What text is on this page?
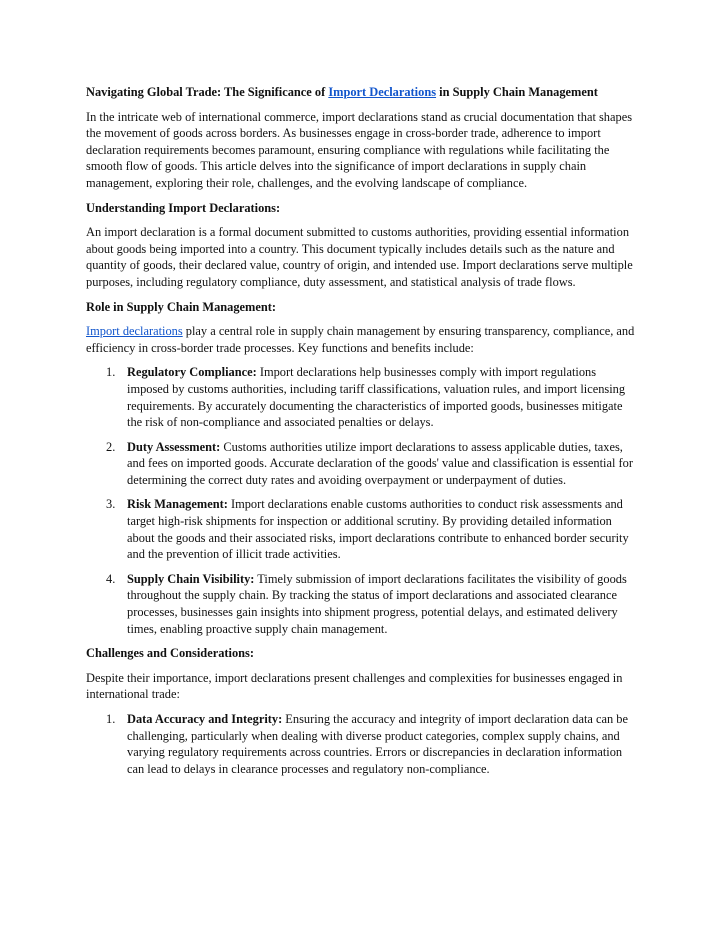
Navigating Global Trade: The Significance of Import Declarations in Supply Chain Management

In the intricate web of international commerce, import declarations stand as crucial documentation that shapes the movement of goods across borders. As businesses engage in cross-border trade, adherence to import declaration requirements becomes paramount, ensuring compliance with regulations while facilitating the smooth flow of goods. This article delves into the significance of import declarations in supply chain management, exploring their role, challenges, and the evolving landscape of compliance.

Understanding Import Declarations:

An import declaration is a formal document submitted to customs authorities, providing essential information about goods being imported into a country. This document typically includes details such as the nature and quantity of goods, their declared value, country of origin, and intended use. Import declarations serve multiple purposes, including regulatory compliance, duty assessment, and statistical analysis of trade flows.

Role in Supply Chain Management:

Import declarations play a central role in supply chain management by ensuring transparency, compliance, and efficiency in cross-border trade processes. Key functions and benefits include:

1. Regulatory Compliance: Import declarations help businesses comply with import regulations imposed by customs authorities, including tariff classifications, valuation rules, and import licensing requirements. By accurately documenting the characteristics of imported goods, businesses mitigate the risk of non-compliance and associated penalties or delays.
2. Duty Assessment: Customs authorities utilize import declarations to assess applicable duties, taxes, and fees on imported goods. Accurate declaration of the goods' value and classification is essential for determining the correct duty rates and avoiding overpayment or underpayment of duties.
3. Risk Management: Import declarations enable customs authorities to conduct risk assessments and target high-risk shipments for inspection or additional scrutiny. By providing detailed information about the goods and their associated risks, import declarations contribute to enhanced border security and the prevention of illicit trade activities.
4. Supply Chain Visibility: Timely submission of import declarations facilitates the visibility of goods throughout the supply chain. By tracking the status of import declarations and associated clearance processes, businesses gain insights into shipment progress, potential delays, and estimated delivery times, enabling proactive supply chain management.

Challenges and Considerations:

Despite their importance, import declarations present challenges and complexities for businesses engaged in international trade:

1. Data Accuracy and Integrity: Ensuring the accuracy and integrity of import declaration data can be challenging, particularly when dealing with diverse product categories, complex supply chains, and varying regulatory requirements across countries. Errors or discrepancies in declaration information can lead to delays in clearance processes and regulatory non-compliance.
